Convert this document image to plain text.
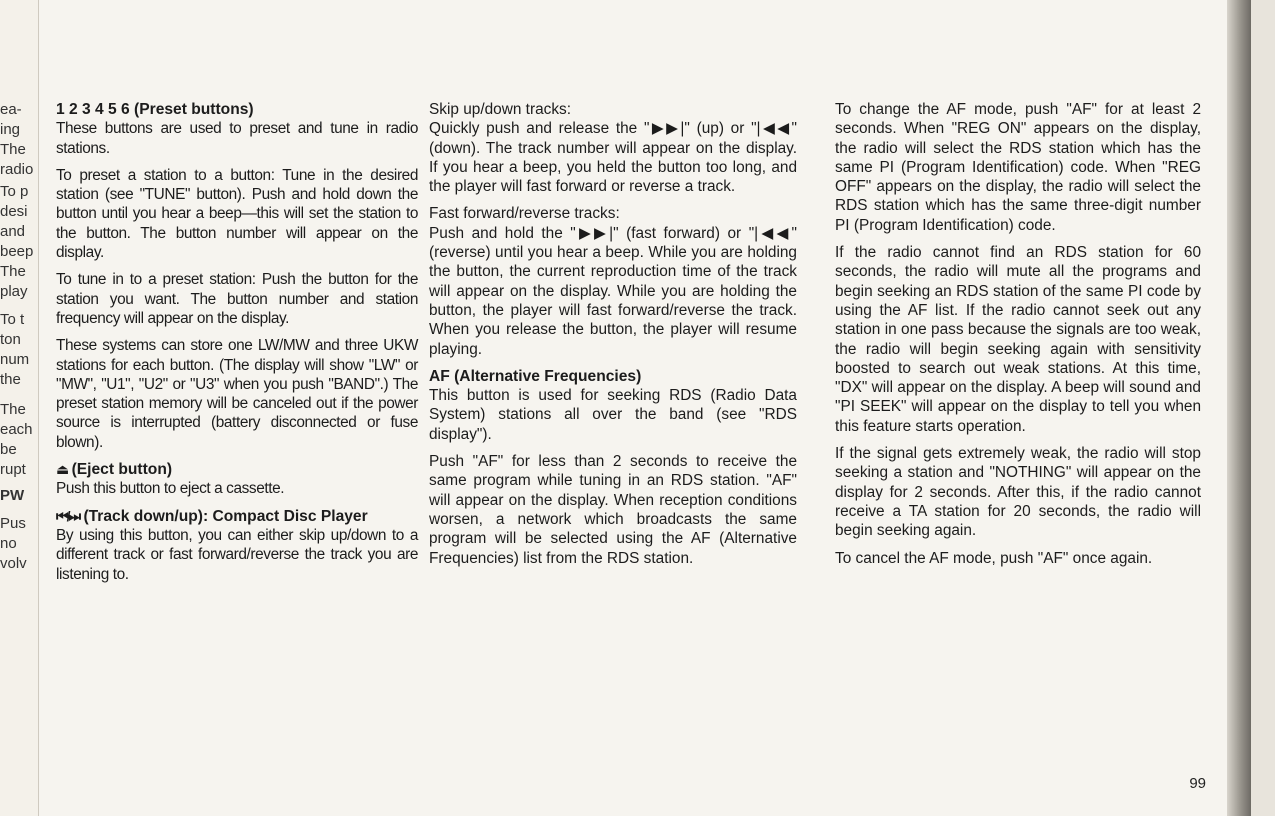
ea-
ing
The
radio
To p
desi
and
beep
The
play
To t
ton
num
the
The
each
be
rupt
PW
Pus
no
volv

1 2 3 4 5 6 (Preset buttons)

These buttons are used to preset and tune in radio stations.

To preset a station to a button: Tune in the desired station (see "TUNE" button). Push and hold down the button until you hear a beep—this will set the station to the button. The button number will appear on the display.

To tune in to a preset station: Push the button for the station you want. The button number and station frequency will appear on the display.

These systems can store one LW/MW and three UKW stations for each button. (The display will show "LW" or "MW", "U1", "U2" or "U3" when you push "BAND".) The preset station memory will be canceled out if the power source is interrupted (battery disconnected or fuse blown).

⏏ (Eject button)

Push this button to eject a cassette.

⏮/⏭ (Track down/up): Compact Disc Player

By using this button, you can either skip up/down to a different track or fast forward/reverse the track you are listening to.

Skip up/down tracks:

Quickly push and release the "▶▶|" (up) or "|◀◀" (down). The track number will appear on the display. If you hear a beep, you held the button too long, and the player will fast forward or reverse a track.

Fast forward/reverse tracks:

Push and hold the "▶▶|" (fast forward) or "|◀◀" (reverse) until you hear a beep. While you are holding the button, the current reproduction time of the track will appear on the display. While you are holding the button, the player will fast forward/reverse the track. When you release the button, the player will resume playing.

AF (Alternative Frequencies)

This button is used for seeking RDS (Radio Data System) stations all over the band (see "RDS display").

Push "AF" for less than 2 seconds to receive the same program while tuning in an RDS station. "AF" will appear on the display. When reception conditions worsen, a network which broadcasts the same program will be selected using the AF (Alternative Frequencies) list from the RDS station.

To change the AF mode, push "AF" for at least 2 seconds. When "REG ON" appears on the display, the radio will select the RDS station which has the same PI (Program Identification) code. When "REG OFF" appears on the display, the radio will select the RDS station which has the same three-digit number PI (Program Identification) code.

If the radio cannot find an RDS station for 60 seconds, the radio will mute all the programs and begin seeking an RDS station of the same PI code by using the AF list. If the radio cannot seek out any station in one pass because the signals are too weak, the radio will begin seeking again with sensitivity boosted to search out weak stations. At this time, "DX" will appear on the display. A beep will sound and "PI SEEK" will appear on the display to tell you when this feature starts operation.

If the signal gets extremely weak, the radio will stop seeking a station and "NOTHING" will appear on the display for 2 seconds. After this, if the radio cannot receive a TA station for 20 seconds, the radio will begin seeking again.

To cancel the AF mode, push "AF" once again.

99
